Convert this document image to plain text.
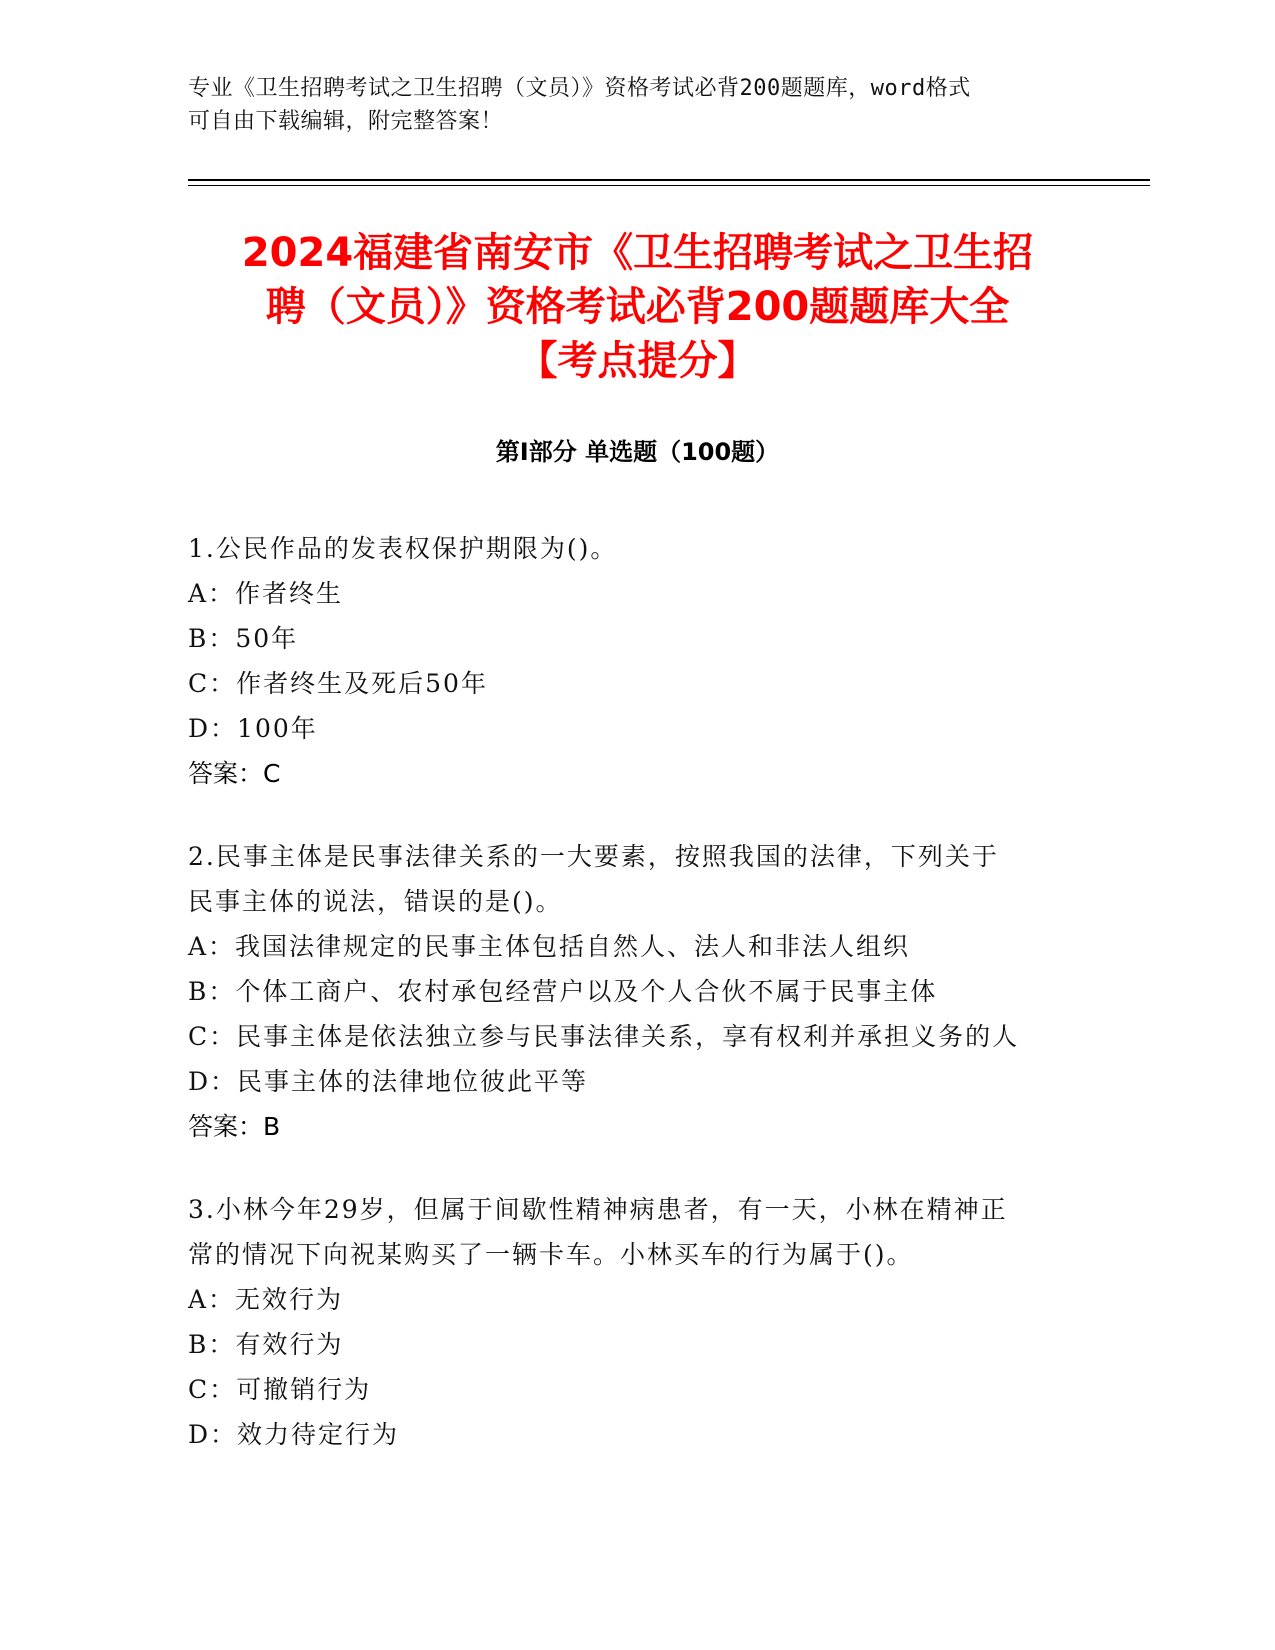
专业《卫生招聘考试之卫生招聘（文员）》资格考试必背200题题库，word格式
可自由下载编辑，附完整答案！
2024福建省南安市《卫生招聘考试之卫生招
聘（文员）》资格考试必背200题题库大全
【考点提分】
第Ⅰ部分 单选题（100题）
1.公民作品的发表权保护期限为()。
A：作者终生
B：50年
C：作者终生及死后50年
D：100年
答案：C
2.民事主体是民事法律关系的一大要素，按照我国的法律，下列关于
民事主体的说法，错误的是()。
A：我国法律规定的民事主体包括自然人、法人和非法人组织
B：个体工商户、农村承包经营户以及个人合伙不属于民事主体
C：民事主体是依法独立参与民事法律关系，享有权利并承担义务的人
D：民事主体的法律地位彼此平等
答案：B
3.小林今年29岁，但属于间歇性精神病患者，有一天，小林在精神正
常的情况下向祝某购买了一辆卡车。小林买车的行为属于()。
A：无效行为
B：有效行为
C：可撤销行为
D：效力待定行为
